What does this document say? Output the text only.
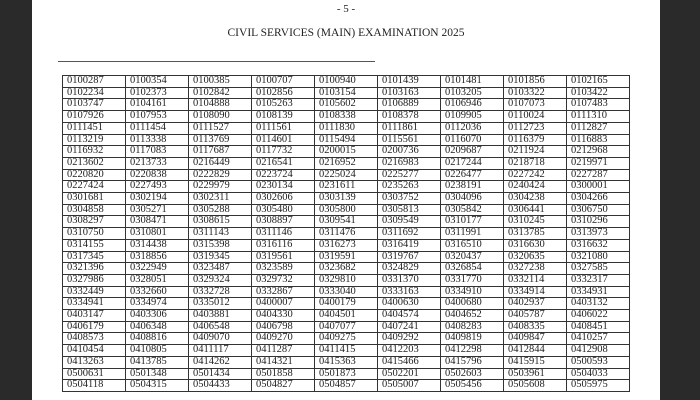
- 5 -
CIVIL SERVICES (MAIN) EXAMINATION 2025
0100287	0100354	0100385	0100707	0100940	0101439	0101481	0101856	0102165
0102234	0102373	0102842	0102856	0103154	0103163	0103205	0103322	0103422
0103747	0104161	0104888	0105263	0105602	0106889	0106946	0107073	0107483
0107926	0107953	0108090	0108139	0108338	0108378	0109905	0110024	0111310
0111451	0111454	0111527	0111561	0111830	0111861	0112036	0112723	0112827
0113219	0113338	0113769	0114601	0115494	0115561	0116070	0116379	0116883
0116932	0117083	0117687	0117732	0200015	0200736	0209687	0211924	0212968
0213602	0213733	0216449	0216541	0216952	0216983	0217244	0218718	0219971
0220820	0220838	0222829	0223724	0225024	0225277	0226477	0227242	0227287
0227424	0227493	0229979	0230134	0231611	0235263	0238191	0240424	0300001
0301681	0302194	0302311	0302606	0303139	0303752	0304096	0304238	0304266
0304858	0305271	0305288	0305480	0305800	0305813	0305842	0306441	0306750
0308297	0308471	0308615	0308897	0309541	0309549	0310177	0310245	0310296
0310750	0310801	0311143	0311146	0311476	0311692	0311991	0313785	0313973
0314155	0314438	0315398	0316116	0316273	0316419	0316510	0316630	0316632
0317345	0318856	0319345	0319561	0319591	0319767	0320437	0320635	0321080
0321396	0322949	0323487	0323589	0323682	0324829	0326854	0327238	0327585
0327986	0328051	0329324	0329732	0329810	0331370	0331770	0332114	0332317
0332449	0332660	0332728	0332867	0333040	0333163	0334910	0334914	0334931
0334941	0334974	0335012	0400007	0400179	0400630	0400680	0402937	0403132
0403147	0403306	0403881	0404330	0404501	0404574	0404652	0405787	0406022
0406179	0406348	0406548	0406798	0407077	0407241	0408283	0408335	0408451
0408573	0408816	0409070	0409270	0409275	0409292	0409819	0409847	0410257
0410454	0410805	0411117	0411287	0411415	0412203	0412298	0412844	0412908
0413263	0413785	0414262	0414321	0415363	0415466	0415796	0415915	0500593
0500631	0501348	0501434	0501858	0501873	0502201	0502603	0503961	0504033
0504118	0504315	0504433	0504827	0504857	0505007	0505456	0505608	0505975
